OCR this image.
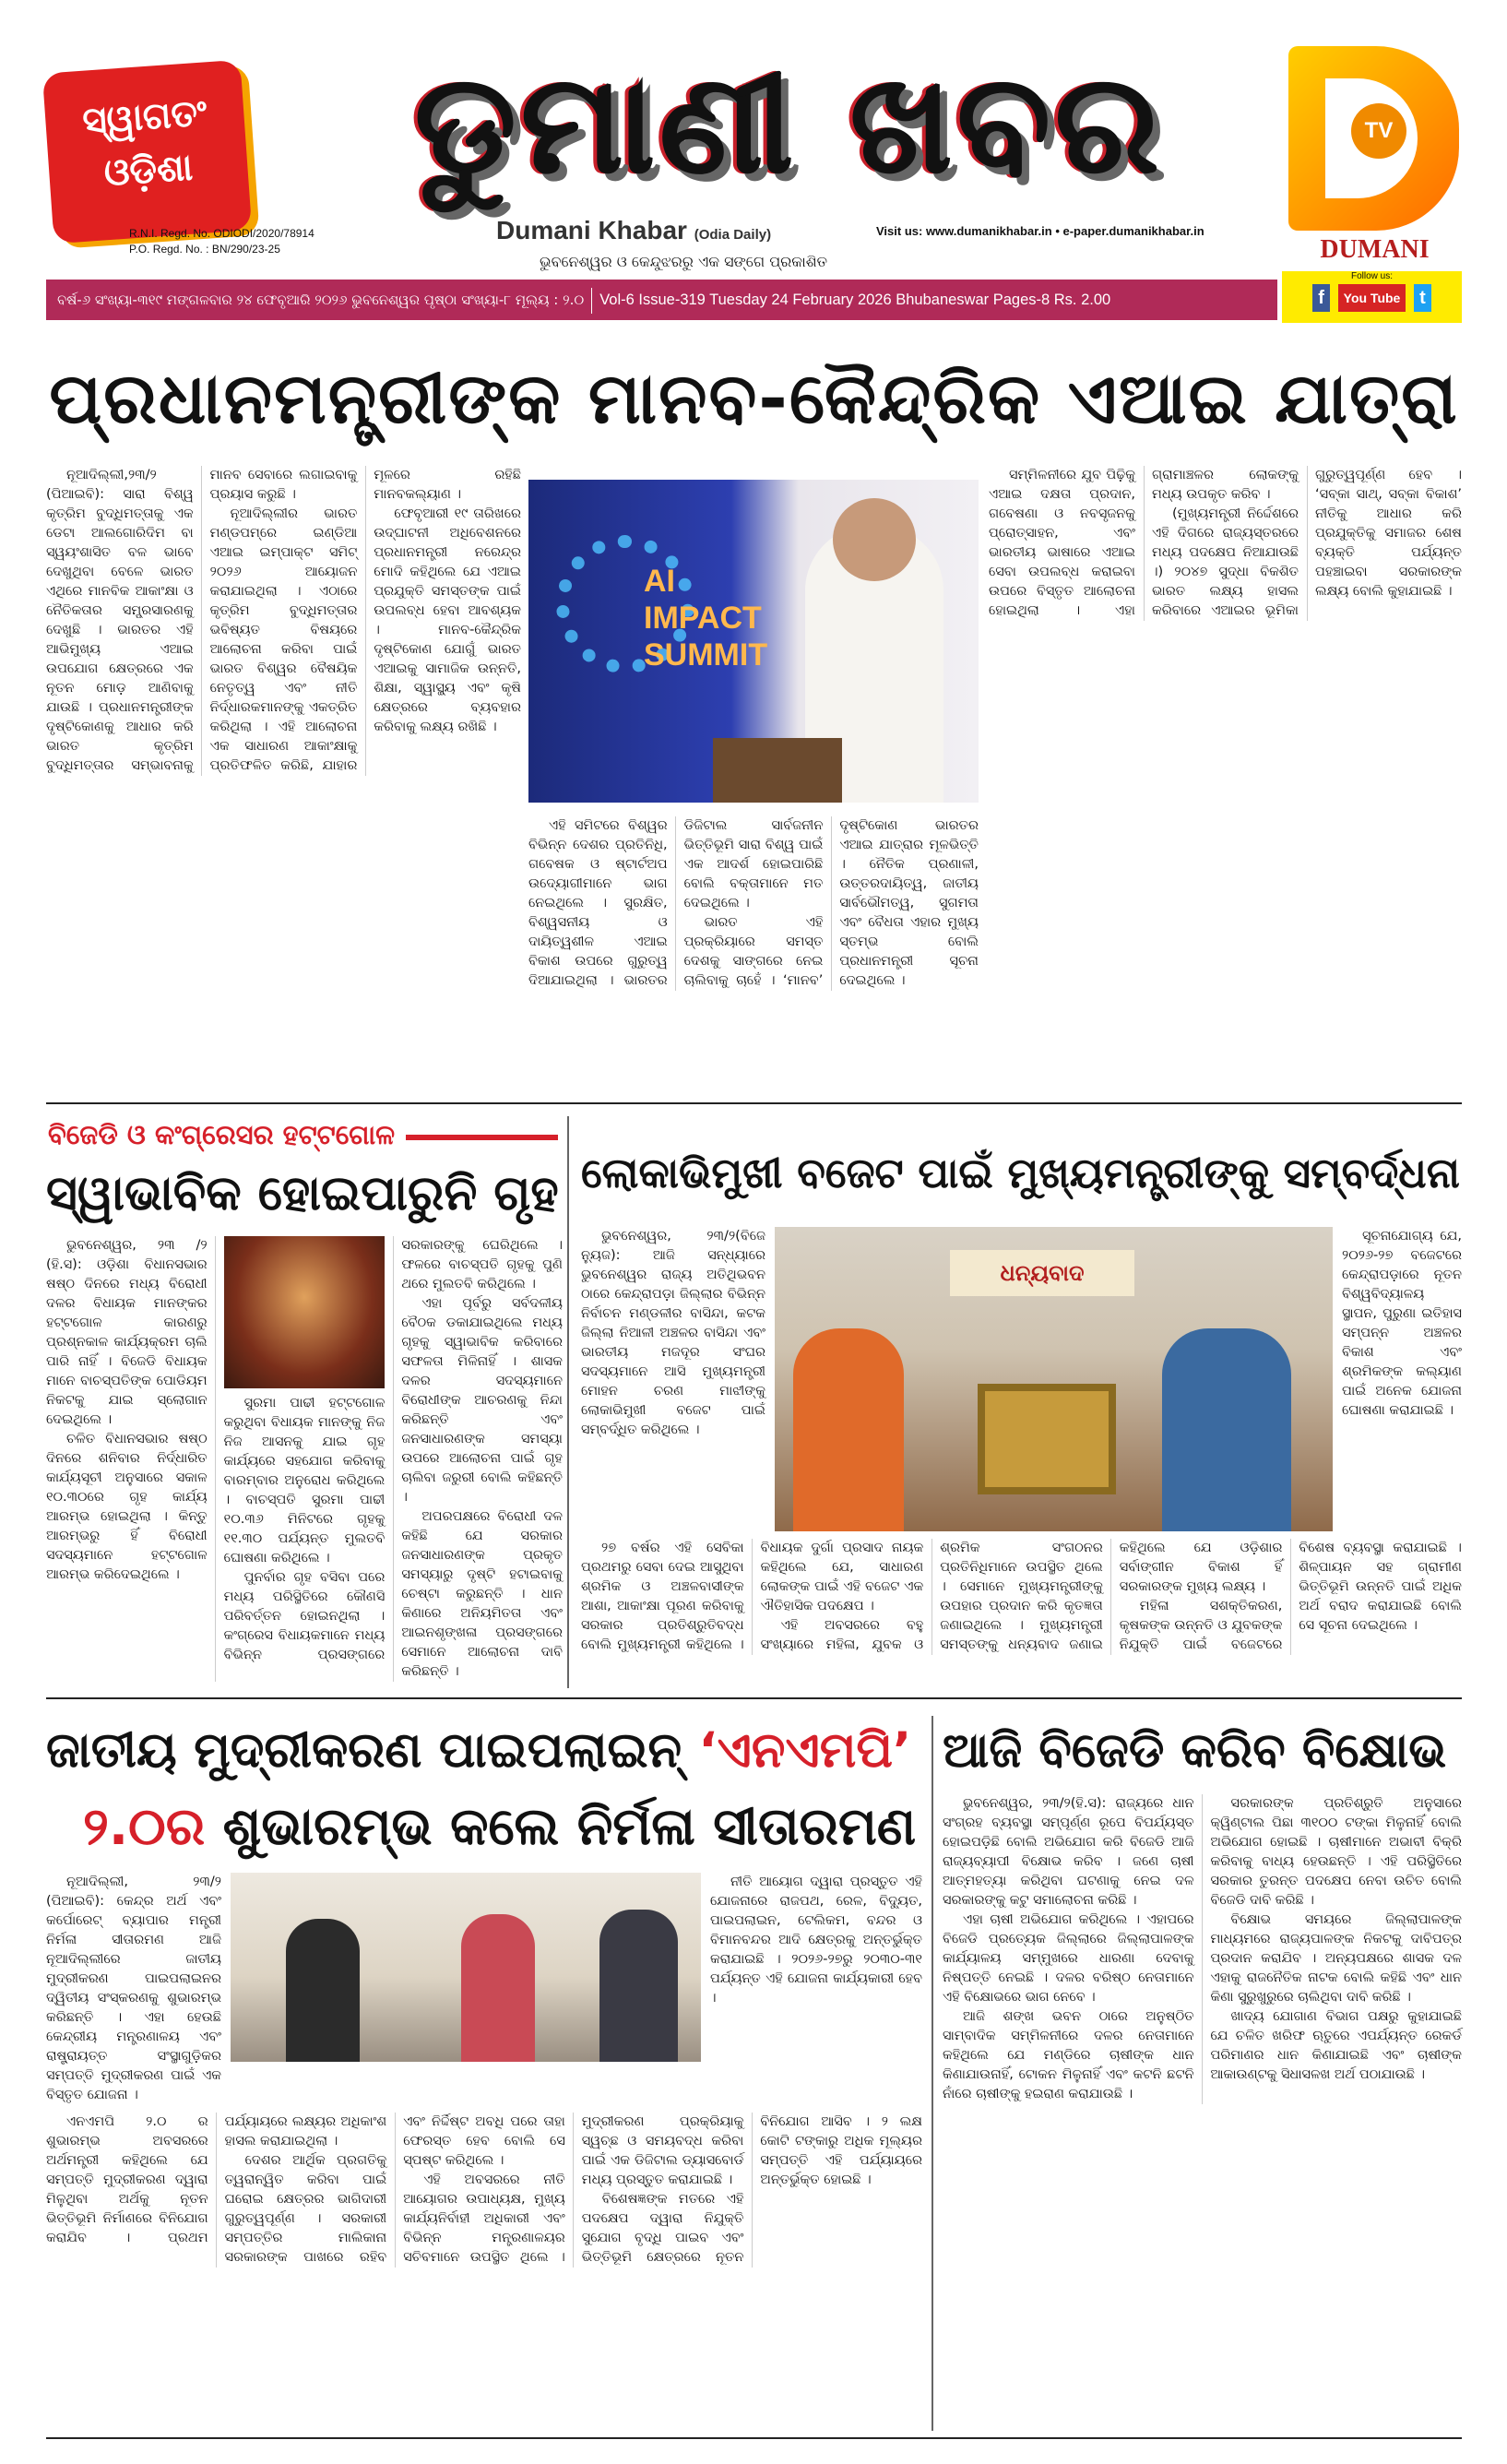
ସ୍ୱାଗତଂ ଓଡ଼ିଶା	ଡୁମାଣୀ ଖବର
R.N.I. Regd. No. ODIODI/2020/78914
P.O. Regd. No. : BN/290/23-25
Dumani Khabar (Odia Daily)	Visit us: www.dumanikhabar.in • e-paper.dumanikhabar.in
ଭୁବନେଶ୍ୱର ଓ କେନ୍ଦୁଝରରୁ ଏକ ସଙ୍ଗେ ପ୍ରକାଶିତ
TV
DUMANI
Follow us:
f You Tube t
ବର୍ଷ-୬ ସଂଖ୍ୟା-୩୧୯ ମଙ୍ଗଳବାର ୨୪ ଫେବୃଆରି ୨୦୨୬ ଭୁବନେଶ୍ୱର ପୃଷ୍ଠା ସଂଖ୍ୟା-୮ ମୂଲ୍ୟ : ୨.୦ Vol-6 Issue-319 Tuesday 24 February 2026 Bhubaneswar Pages-8 Rs. 2.00
ପ୍ରଧାନମନ୍ତ୍ରୀଙ୍କ ମାନବ-କୈନ୍ଦ୍ରିକ ଏଆଇ ଯାତ୍ରା

ନୂଆଦିଲ୍ଲୀ,୨୩/୨ (ପିଆଇବି): ସାରା ବିଶ୍ୱ କୃତ୍ରିମ ବୁଦ୍ଧିମତ୍ତାକୁ ଏକ ଡେଟା ଆଲଗୋରିଦିମ ବା ସ୍ୱୟଂଶାସିତ ବଳ ଭାବେ ଦେଖୁଥିବା ବେଳେ ଭାରତ ଏଥିରେ ମାନବିକ ଆକାଂକ୍ଷା ଓ ନୈତିକତାର ସମ୍ପ୍ରସାରଣକୁ ଦେଖୁଛି । ଭାରତର ଏହି ଆଭିମୁଖ୍ୟ ଏଆଇ ଉପଯୋଗ କ୍ଷେତ୍ରରେ ଏକ ନୂତନ ମୋଡ଼ ଆଣିବାକୁ ଯାଉଛି । ପ୍ରଧାନମନ୍ତ୍ରୀଙ୍କ ଦୃଷ୍ଟିକୋଣକୁ ଆଧାର କରି ଭାରତ କୃତ୍ରିମ ବୁଦ୍ଧିମତ୍ତାର ସମ୍ଭାବନାକୁ ମାନବ ସେବାରେ ଲଗାଇବାକୁ ପ୍ରୟାସ କରୁଛି ।

ନୂଆଦିଲ୍ଲୀର ଭାରତ ମଣ୍ଡପମ୍‌ରେ ଇଣ୍ଡିଆ ଏଆଇ ଇମ୍ପାକ୍ଟ ସମିଟ୍ ୨୦୨୬ ଆୟୋଜନ କରାଯାଇଥିଲା । ଏଠାରେ କୃତ୍ରିମ ବୁଦ୍ଧିମତ୍ତାର ଭବିଷ୍ୟତ ବିଷୟରେ ଆଲୋଚନା କରିବା ପାଇଁ ଭାରତ ବିଶ୍ୱର ବୈଷୟିକ ନେତୃତ୍ୱ ଏବଂ ନୀତି ନିର୍ଦ୍ଧାରକମାନଙ୍କୁ ଏକତ୍ରିତ କରିଥିଲା । ଏହି ଆଲୋଚନା ଏକ ସାଧାରଣ ଆକାଂକ୍ଷାକୁ ପ୍ରତିଫଳିତ କରିଛି, ଯାହାର ମୂଳରେ ରହିଛି ମାନବକଲ୍ୟାଣ ।

ଫେବୃଆରୀ ୧୯ ତାରିଖରେ ଉଦ୍‌ଘାଟନୀ ଅଧିବେଶନରେ ପ୍ରଧାନମନ୍ତ୍ରୀ ନରେନ୍ଦ୍ର ମୋଦି କହିଥିଲେ ଯେ ଏଆଇ ପ୍ରଯୁକ୍ତି ସମସ୍ତଙ୍କ ପାଇଁ ଉପଲବ୍ଧ ହେବା ଆବଶ୍ୟକ । ମାନବ-କୈନ୍ଦ୍ରିକ ଦୃଷ୍ଟିକୋଣ ଯୋଗୁଁ ଭାରତ ଏଆଇକୁ ସାମାଜିକ ଉନ୍ନତି, ଶିକ୍ଷା, ସ୍ୱାସ୍ଥ୍ୟ ଏବଂ କୃଷି କ୍ଷେତ୍ରରେ ବ୍ୟବହାର କରିବାକୁ ଲକ୍ଷ୍ୟ ରଖିଛି ।

AI IMPACT SUMMIT

ଏହି ସମିଟରେ ବିଶ୍ୱର ବିଭିନ୍ନ ଦେଶର ପ୍ରତିନିଧି, ଗବେଷକ ଓ ଷ୍ଟାର୍ଟଅପ ଉଦ୍ୟୋଗୀମାନେ ଭାଗ ନେଇଥିଲେ । ସୁରକ୍ଷିତ, ବିଶ୍ୱସନୀୟ ଓ ଦାୟିତ୍ୱଶୀଳ ଏଆଇ ବିକାଶ ଉପରେ ଗୁରୁତ୍ୱ ଦିଆଯାଇଥିଲା । ଭାରତର ଡିଜିଟାଲ ସାର୍ବଜନୀନ ଭିତ୍ତିଭୂମି ସାରା ବିଶ୍ୱ ପାଇଁ ଏକ ଆଦର୍ଶ ହୋଇପାରିଛି ବୋଲି ବକ୍ତାମାନେ ମତ ଦେଇଥିଲେ ।

ଭାରତ ଏହି ପ୍ରକ୍ରିୟାରେ ସମସ୍ତ ଦେଶକୁ ସାଙ୍ଗରେ ନେଇ ଚାଲିବାକୁ ଚାହେଁ । ‘ମାନବ’ ଦୃଷ୍ଟିକୋଣ ଭାରତର ଏଆଇ ଯାତ୍ରାର ମୂଳଭିତ୍ତି । ନୈତିକ ପ୍ରଣାଳୀ, ଉତ୍ତରଦାୟିତ୍ୱ, ଜାତୀୟ ସାର୍ବଭୌମତ୍ୱ, ସୁଗମତା ଏବଂ ବୈଧତା ଏହାର ମୁଖ୍ୟ ସ୍ତମ୍ଭ ବୋଲି ପ୍ରଧାନମନ୍ତ୍ରୀ ସୂଚନା ଦେଇଥିଲେ ।

ସମ୍ମିଳନୀରେ ଯୁବ ପିଢ଼ିକୁ ଏଆଇ ଦକ୍ଷତା ପ୍ରଦାନ, ଗବେଷଣା ଓ ନବସୃଜନକୁ ପ୍ରୋତ୍ସାହନ, ଏବଂ ଭାରତୀୟ ଭାଷାରେ ଏଆଇ ସେବା ଉପଲବ୍ଧ କରାଇବା ଉପରେ ବିସ୍ତୃତ ଆଲୋଚନା ହୋଇଥିଲା । ଏହା ଗ୍ରାମାଞ୍ଚଳର ଲୋକଙ୍କୁ ମଧ୍ୟ ଉପକୃତ କରିବ ।

(ମୁଖ୍ୟମନ୍ତ୍ରୀ ନିର୍ଦ୍ଦେଶରେ ଏହି ଦିଗରେ ରାଜ୍ୟସ୍ତରରେ ମଧ୍ୟ ପଦକ୍ଷେପ ନିଆଯାଉଛି ।) ୨୦୪୭ ସୁଦ୍ଧା ବିକଶିତ ଭାରତ ଲକ୍ଷ୍ୟ ହାସଲ କରିବାରେ ଏଆଇର ଭୂମିକା ଗୁରୁତ୍ୱପୂର୍ଣ୍ଣ ହେବ । ‘ସବ୍‌କା ସାଥ୍, ସବ୍‌କା ବିକାଶ’ ନୀତିକୁ ଆଧାର କରି ପ୍ରଯୁକ୍ତିକୁ ସମାଜର ଶେଷ ବ୍ୟକ୍ତି ପର୍ଯ୍ୟନ୍ତ ପହଞ୍ଚାଇବା ସରକାରଙ୍କ ଲକ୍ଷ୍ୟ ବୋଲି କୁହାଯାଇଛି ।

ବିଜେଡି ଓ କଂଗ୍ରେସର ହଟ୍ଟଗୋଳ
ସ୍ୱାଭାବିକ ହୋଇପାରୁନି ଗୃହ

ଭୁବନେଶ୍ୱର, ୨୩ /୨ (ହି.ସ): ଓଡ଼ିଶା ବିଧାନସଭାର ଷଷ୍ଠ ଦିନରେ ମଧ୍ୟ ବିରୋଧୀ ଦଳର ବିଧାୟକ ମାନଙ୍କର ହଟ୍ଟଗୋଳ କାରଣରୁ ପ୍ରଶ୍ନକାଳ କାର୍ଯ୍ୟକ୍ରମ ଚାଲି ପାରି ନାହିଁ । ବିଜେଡି ବିଧାୟକ ମାନେ ବାଚସ୍ପତିଙ୍କ ପୋଡିୟମ ନିକଟକୁ ଯାଇ ସ୍ଲୋଗାନ ଦେଇଥିଲେ ।

ଚଳିତ ବିଧାନସଭାର ଷଷ୍ଠ ଦିନରେ ଶନିବାର ନିର୍ଦ୍ଧାରିତ କାର୍ଯ୍ୟସୂଚୀ ଅନୁସାରେ ସକାଳ ୧୦.୩୦ରେ ଗୃହ କାର୍ଯ୍ୟ ଆରମ୍ଭ ହୋଇଥିଲା । କିନ୍ତୁ ଆରମ୍ଭରୁ ହିଁ ବିରୋଧୀ ସଦସ୍ୟମାନେ ହଟ୍ଟଗୋଳ ଆରମ୍ଭ କରିଦେଇଥିଲେ ।

ସୁରମା ପାଢୀ ହଟ୍ଟଗୋଳ କରୁଥିବା ବିଧାୟକ ମାନଙ୍କୁ ନିଜ ନିଜ ଆସନକୁ ଯାଇ ଗୃହ କାର୍ଯ୍ୟରେ ସହଯୋଗ କରିବାକୁ ବାରମ୍ବାର ଅନୁରୋଧ କରିଥିଲେ । ବାଚସ୍ପତି ସୁରମା ପାଢୀ ୧୦.୩୬ ମିନିଟରେ ଗୃହକୁ ୧୧.୩୦ ପର୍ଯ୍ୟନ୍ତ ମୁଲତବି ଘୋଷଣା କରିଥିଲେ ।

ପୁନର୍ବାର ଗୃହ ବସିବା ପରେ ମଧ୍ୟ ପରିସ୍ଥିତିରେ କୌଣସି ପରିବର୍ତ୍ତନ ହୋଇନଥିଲା । କଂଗ୍ରେସ ବିଧାୟକମାନେ ମଧ୍ୟ ବିଭିନ୍ନ ପ୍ରସଙ୍ଗରେ ସରକାରଙ୍କୁ ଘେରିଥିଲେ । ଫଳରେ ବାଚସ୍ପତି ଗୃହକୁ ପୁଣି ଥରେ ମୁଲତବି କରିଥିଲେ ।

ଏହା ପୂର୍ବରୁ ସର୍ବଦଳୀୟ ବୈଠକ ଡକାଯାଇଥିଲେ ମଧ୍ୟ ଗୃହକୁ ସ୍ୱାଭାବିକ କରିବାରେ ସଫଳତା ମିଳିନାହିଁ । ଶାସକ ଦଳର ସଦସ୍ୟମାନେ ବିରୋଧୀଙ୍କ ଆଚରଣକୁ ନିନ୍ଦା କରିଛନ୍ତି ଏବଂ ଜନସାଧାରଣଙ୍କ ସମସ୍ୟା ଉପରେ ଆଲୋଚନା ପାଇଁ ଗୃହ ଚାଲିବା ଜରୁରୀ ବୋଲି କହିଛନ୍ତି ।

ଅପରପକ୍ଷରେ ବିରୋଧୀ ଦଳ କହିଛି ଯେ ସରକାର ଜନସାଧାରଣଙ୍କ ପ୍ରକୃତ ସମସ୍ୟାରୁ ଦୃଷ୍ଟି ହଟାଇବାକୁ ଚେଷ୍ଟା କରୁଛନ୍ତି । ଧାନ କିଣାରେ ଅନିୟମିତତା ଏବଂ ଆଇନଶୃଙ୍ଖଳା ପ୍ରସଙ୍ଗରେ ସେମାନେ ଆଲୋଚନା ଦାବି କରିଛନ୍ତି ।

ଲୋକାଭିମୁଖୀ ବଜେଟ ପାଇଁ ମୁଖ୍ୟମନ୍ତ୍ରୀଙ୍କୁ ସମ୍ବର୍ଦ୍ଧନା

ଭୁବନେଶ୍ୱର, ୨୩/୨(ବିଜେ ନ୍ୟୁଜ): ଆଜି ସନ୍ଧ୍ୟାରେ ଭୁବନେଶ୍ୱର ରାଜ୍ୟ ଅତିଥିଭବନ ଠାରେ କେନ୍ଦ୍ରାପଡ଼ା ଜିଲ୍ଲାର ବିଭିନ୍ନ ନିର୍ବାଚନ ମଣ୍ଡଳୀର ବାସିନ୍ଦା, କଟକ ଜିଲ୍ଲା ନିଆଳୀ ଅଞ୍ଚଳର ବାସିନ୍ଦା ଏବଂ ଭାରତୀୟ ମଜଦୂର ସଂଘର ସଦସ୍ୟମାନେ ଆସି ମୁଖ୍ୟମନ୍ତ୍ରୀ ମୋହନ ଚରଣ ମାଝୀଙ୍କୁ ଲୋକାଭିମୁଖୀ ବଜେଟ ପାଇଁ ସମ୍ବର୍ଦ୍ଧିତ କରିଥିଲେ ।

ଧନ୍ୟବାଦ

ସୂଚନାଯୋଗ୍ୟ ଯେ, ୨୦୨୬-୨୭ ବଜେଟରେ କେନ୍ଦ୍ରାପଡ଼ାରେ ନୂତନ ବିଶ୍ୱବିଦ୍ୟାଳୟ ସ୍ଥାପନ, ପୁରୁଣା ଇତିହାସ ସମ୍ପନ୍ନ ଅଞ୍ଚଳର ବିକାଶ ଏବଂ ଶ୍ରମିକଙ୍କ କଲ୍ୟାଣ ପାଇଁ ଅନେକ ଯୋଜନା ଘୋଷଣା କରାଯାଇଛି ।

୨୭ ବର୍ଷର ଏହି ସେବିକା ପ୍ରଥମରୁ ସେବା ଦେଇ ଆସୁଥିବା ଶ୍ରମିକ ଓ ଅଞ୍ଚଳବାସୀଙ୍କ ଆଶା, ଆକାଂକ୍ଷା ପୂରଣ କରିବାକୁ ସରକାର ପ୍ରତିଶ୍ରୁତିବଦ୍ଧ ବୋଲି ମୁଖ୍ୟମନ୍ତ୍ରୀ କହିଥିଲେ । ବିଧାୟକ ଦୁର୍ଗା ପ୍ରସାଦ ନାୟକ କହିଥିଲେ ଯେ, ସାଧାରଣ ଲୋକଙ୍କ ପାଇଁ ଏହି ବଜେଟ ଏକ ଐତିହାସିକ ପଦକ୍ଷେପ ।

ଏହି ଅବସରରେ ବହୁ ସଂଖ୍ୟାରେ ମହିଳା, ଯୁବକ ଓ ଶ୍ରମିକ ସଂଗଠନର ପ୍ରତିନିଧିମାନେ ଉପସ୍ଥିତ ଥିଲେ । ସେମାନେ ମୁଖ୍ୟମନ୍ତ୍ରୀଙ୍କୁ ଉପହାର ପ୍ରଦାନ କରି କୃତଜ୍ଞତା ଜଣାଇଥିଲେ । ମୁଖ୍ୟମନ୍ତ୍ରୀ ସମସ୍ତଙ୍କୁ ଧନ୍ୟବାଦ ଜଣାଇ କହିଥିଲେ ଯେ ଓଡ଼ିଶାର ସର୍ବାଙ୍ଗୀନ ବିକାଶ ହିଁ ସରକାରଙ୍କ ମୁଖ୍ୟ ଲକ୍ଷ୍ୟ ।

ମହିଳା ସଶକ୍ତିକରଣ, କୃଷକଙ୍କ ଉନ୍ନତି ଓ ଯୁବକଙ୍କ ନିଯୁକ୍ତି ପାଇଁ ବଜେଟରେ ବିଶେଷ ବ୍ୟବସ୍ଥା କରାଯାଇଛି । ଶିଳ୍ପାୟନ ସହ ଗ୍ରାମୀଣ ଭିତ୍ତିଭୂମି ଉନ୍ନତି ପାଇଁ ଅଧିକ ଅର୍ଥ ବରାଦ କରାଯାଇଛି ବୋଲି ସେ ସୂଚନା ଦେଇଥିଲେ ।

ଜାତୀୟ ମୁଦ୍ରୀକରଣ ପାଇପଲାଇନ୍ ‘ଏନଏମପି’
୨.୦ର ଶୁଭାରମ୍ଭ କଲେ ନିର୍ମଳା ସୀତାରମଣ

ନୂଆଦିଲ୍ଲୀ, ୨୩/୨ (ପିଆଇବି): କେନ୍ଦ୍ର ଅର୍ଥ ଏବଂ କର୍ପୋରେଟ୍ ବ୍ୟାପାର ମନ୍ତ୍ରୀ ନିର୍ମଳା ସୀତାରମଣ ଆଜି ନୂଆଦିଲ୍ଲୀରେ ଜାତୀୟ ମୁଦ୍ରୀକରଣ ପାଇପଲାଇନର ଦ୍ୱିତୀୟ ସଂସ୍କରଣକୁ ଶୁଭାରମ୍ଭ କରିଛନ୍ତି । ଏହା ହେଉଛି କେନ୍ଦ୍ରୀୟ ମନ୍ତ୍ରଣାଳୟ ଏବଂ ରାଷ୍ଟ୍ରାୟତ୍ତ ସଂସ୍ଥାଗୁଡ଼ିକର ସମ୍ପତ୍ତି ମୁଦ୍ରୀକରଣ ପାଇଁ ଏକ ବିସ୍ତୃତ ଯୋଜନା ।

ନୀତି ଆୟୋଗ ଦ୍ୱାରା ପ୍ରସ୍ତୁତ ଏହି ଯୋଜନାରେ ରାଜପଥ, ରେଳ, ବିଦ୍ୟୁତ, ପାଇପଲାଇନ, ଟେଲିକମ, ବନ୍ଦର ଓ ବିମାନବନ୍ଦର ଆଦି କ୍ଷେତ୍ରକୁ ଅନ୍ତର୍ଭୁକ୍ତ କରାଯାଇଛି । ୨୦୨୬-୨୭ରୁ ୨୦୩୦-୩୧ ପର୍ଯ୍ୟନ୍ତ ଏହି ଯୋଜନା କାର୍ଯ୍ୟକାରୀ ହେବ ।

ଏନଏମପି ୨.୦ ର ଶୁଭାରମ୍ଭ ଅବସରରେ ଅର୍ଥମନ୍ତ୍ରୀ କହିଥିଲେ ଯେ ସମ୍ପତ୍ତି ମୁଦ୍ରୀକରଣ ଦ୍ୱାରା ମିଳୁଥିବା ଅର୍ଥକୁ ନୂତନ ଭିତ୍ତିଭୂମି ନିର୍ମାଣରେ ବିନିଯୋଗ କରାଯିବ । ପ୍ରଥମ ପର୍ଯ୍ୟାୟରେ ଲକ୍ଷ୍ୟର ଅଧିକାଂଶ ହାସଲ କରାଯାଇଥିଲା ।

ଦେଶର ଆର୍ଥିକ ପ୍ରଗତିକୁ ତ୍ୱରାନ୍ୱିତ କରିବା ପାଇଁ ଘରୋଇ କ୍ଷେତ୍ରର ଭାଗିଦାରୀ ଗୁରୁତ୍ୱପୂର୍ଣ୍ଣ । ସରକାରୀ ସମ୍ପତ୍ତିର ମାଲିକାନା ସରକାରଙ୍କ ପାଖରେ ରହିବ ଏବଂ ନିର୍ଦ୍ଦିଷ୍ଟ ଅବଧି ପରେ ତାହା ଫେରସ୍ତ ହେବ ବୋଲି ସେ ସ୍ପଷ୍ଟ କରିଥିଲେ ।

ଏହି ଅବସରରେ ନୀତି ଆୟୋଗର ଉପାଧ୍ୟକ୍ଷ, ମୁଖ୍ୟ କାର୍ଯ୍ୟନିର୍ବାହୀ ଅଧିକାରୀ ଏବଂ ବିଭିନ୍ନ ମନ୍ତ୍ରଣାଳୟର ସଚିବମାନେ ଉପସ୍ଥିତ ଥିଲେ । ମୁଦ୍ରୀକରଣ ପ୍ରକ୍ରିୟାକୁ ସ୍ୱଚ୍ଛ ଓ ସମୟବଦ୍ଧ କରିବା ପାଇଁ ଏକ ଡିଜିଟାଲ ଡ୍ୟାସବୋର୍ଡ ମଧ୍ୟ ପ୍ରସ୍ତୁତ କରାଯାଇଛି ।

ବିଶେଷଜ୍ଞଙ୍କ ମତରେ ଏହି ପଦକ୍ଷେପ ଦ୍ୱାରା ନିଯୁକ୍ତି ସୁଯୋଗ ବୃଦ୍ଧି ପାଇବ ଏବଂ ଭିତ୍ତିଭୂମି କ୍ଷେତ୍ରରେ ନୂତନ ବିନିଯୋଗ ଆସିବ । ୨ ଲକ୍ଷ କୋଟି ଟଙ୍କାରୁ ଅଧିକ ମୂଲ୍ୟର ସମ୍ପତ୍ତି ଏହି ପର୍ଯ୍ୟାୟରେ ଅନ୍ତର୍ଭୁକ୍ତ ହୋଇଛି ।

ଆଜି ବିଜେଡି କରିବ ବିକ୍ଷୋଭ

ଭୁବନେଶ୍ୱର, ୨୩/୨(ହି.ସ): ରାଜ୍ୟରେ ଧାନ ସଂଗ୍ରହ ବ୍ୟବସ୍ଥା ସମ୍ପୂର୍ଣ୍ଣ ରୂପେ ବିପର୍ଯ୍ୟସ୍ତ ହୋଇପଡ଼ିଛି ବୋଲି ଅଭିଯୋଗ କରି ବିଜେଡି ଆଜି ରାଜ୍ୟବ୍ୟାପୀ ବିକ୍ଷୋଭ କରିବ । ଜଣେ ଚାଷୀ ଆତ୍ମହତ୍ୟା କରିଥିବା ଘଟଣାକୁ ନେଇ ଦଳ ସରକାରଙ୍କୁ କଟୁ ସମାଲୋଚନା କରିଛି ।

ଏହା ଚାଷୀ ଅଭିଯୋଗ କରିଥିଲେ । ଏହାପରେ ବିଜେଡି ପ୍ରତ୍ୟେକ ଜିଲ୍ଲାରେ ଜିଲ୍ଲାପାଳଙ୍କ କାର୍ଯ୍ୟାଳୟ ସମ୍ମୁଖରେ ଧାରଣା ଦେବାକୁ ନିଷ୍ପତ୍ତି ନେଇଛି । ଦଳର ବରିଷ୍ଠ ନେତାମାନେ ଏହି ବିକ୍ଷୋଭରେ ଭାଗ ନେବେ ।

ଆଜି ଶଙ୍ଖ ଭବନ ଠାରେ ଅନୁଷ୍ଠିତ ସାମ୍ବାଦିକ ସମ୍ମିଳନୀରେ ଦଳର ନେତାମାନେ କହିଥିଲେ ଯେ ମଣ୍ଡିରେ ଚାଷୀଙ୍କ ଧାନ କିଣାଯାଉନାହିଁ, ଟୋକନ ମିଳୁନାହିଁ ଏବଂ କଟନି ଛଟନି ନାଁରେ ଚାଷୀଙ୍କୁ ହଇରାଣ କରାଯାଉଛି ।

ସରକାରଙ୍କ ପ୍ରତିଶ୍ରୁତି ଅନୁସାରେ କ୍ୱିଣ୍ଟାଲ ପିଛା ୩୧୦୦ ଟଙ୍କା ମିଳୁନାହିଁ ବୋଲି ଅଭିଯୋଗ ହୋଇଛି । ଚାଷୀମାନେ ଅଭାବୀ ବିକ୍ରି କରିବାକୁ ବାଧ୍ୟ ହେଉଛନ୍ତି । ଏହି ପରିସ୍ଥିତିରେ ସରକାର ତୁରନ୍ତ ପଦକ୍ଷେପ ନେବା ଉଚିତ ବୋଲି ବିଜେଡି ଦାବି କରିଛି ।

ବିକ୍ଷୋଭ ସମୟରେ ଜିଲ୍ଲାପାଳଙ୍କ ମାଧ୍ୟମରେ ରାଜ୍ୟପାଳଙ୍କ ନିକଟକୁ ଦାବିପତ୍ର ପ୍ରଦାନ କରାଯିବ । ଅନ୍ୟପକ୍ଷରେ ଶାସକ ଦଳ ଏହାକୁ ରାଜନୈତିକ ନାଟକ ବୋଲି କହିଛି ଏବଂ ଧାନ କିଣା ସୁରୁଖୁରୁରେ ଚାଲିଥିବା ଦାବି କରିଛି ।

ଖାଦ୍ୟ ଯୋଗାଣ ବିଭାଗ ପକ୍ଷରୁ କୁହାଯାଇଛି ଯେ ଚଳିତ ଖରିଫ ଋତୁରେ ଏପର୍ଯ୍ୟନ୍ତ ରେକର୍ଡ ପରିମାଣର ଧାନ କିଣାଯାଇଛି ଏବଂ ଚାଷୀଙ୍କ ଆକାଉଣ୍ଟକୁ ସିଧାସଳଖ ଅର୍ଥ ପଠାଯାଉଛି ।
